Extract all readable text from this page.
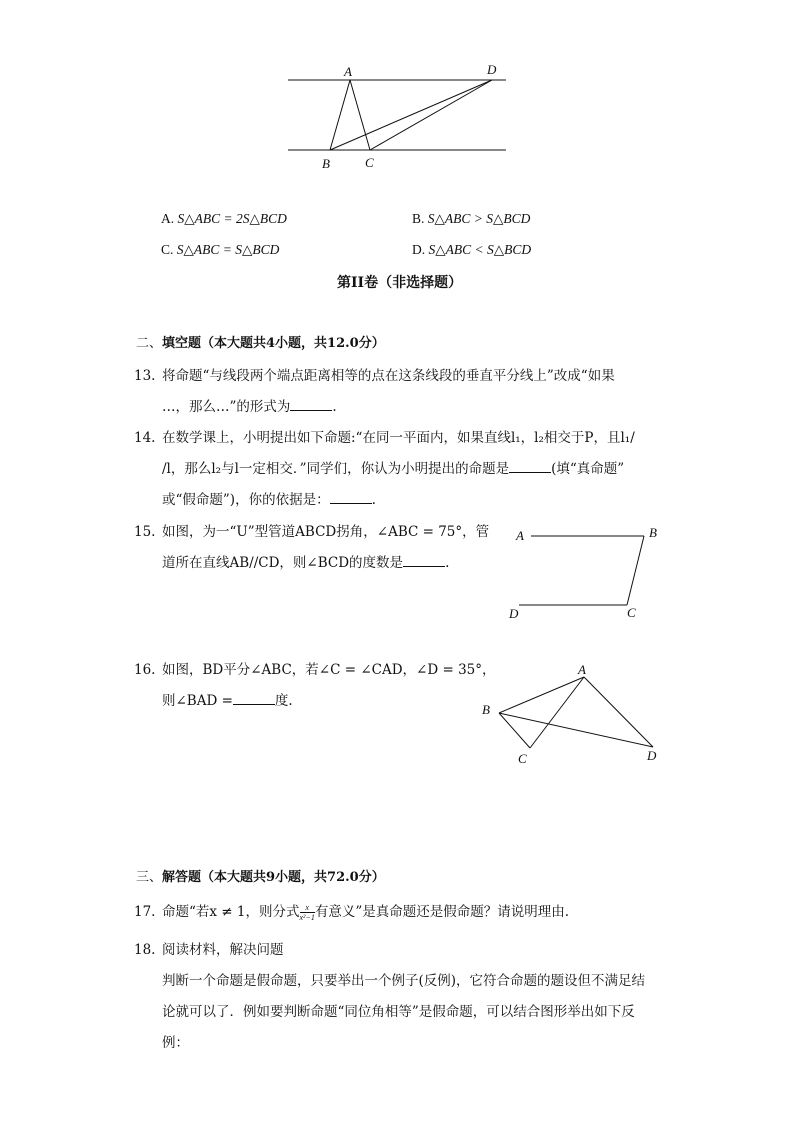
A	D
B	C
A. S△ABC = 2S△BCD	B. S△ABC > S△BCD
C. S△ABC = S△BCD	D. S△ABC < S△BCD
第II卷（非选择题）
二、填空题（本大题共4小题，共12.0分）
13. 将命题“与线段两个端点距离相等的点在这条线段的垂直平分线上”改成“如果
…，那么…”的形式为	.
14. 在数学课上，小明提出如下命题:“在同一平面内，如果直线l₁，l₂相交于P，且l₁/
/l，那么l₂与l一定相交．”同学们，你认为小明提出的命题是	(填“真命题”
或“假命题”)，你的依据是：	.
15. 如图，为一“U”型管道ABCD拐角，∠ABC = 75°，管
道所在直线AB//CD，则∠BCD的度数是	.
A	B
D	C
16. 如图，BD平分∠ABC，若∠C = ∠CAD，∠D = 35°，
则∠BAD =	度.
A
B
C	D
三、解答题（本大题共9小题，共72.0分）
17. 命题“若x ≠ 1，则分式 $\frac{x}{\text{x²−1}}$ 有意义”是真命题还是假命题？请说明理由.
18. 阅读材料，解决问题
判断一个命题是假命题，只要举出一个例子(反例)，它符合命题的题设但不满足结
论就可以了．例如要判断命题“同位角相等”是假命题，可以结合图形举出如下反
例：
